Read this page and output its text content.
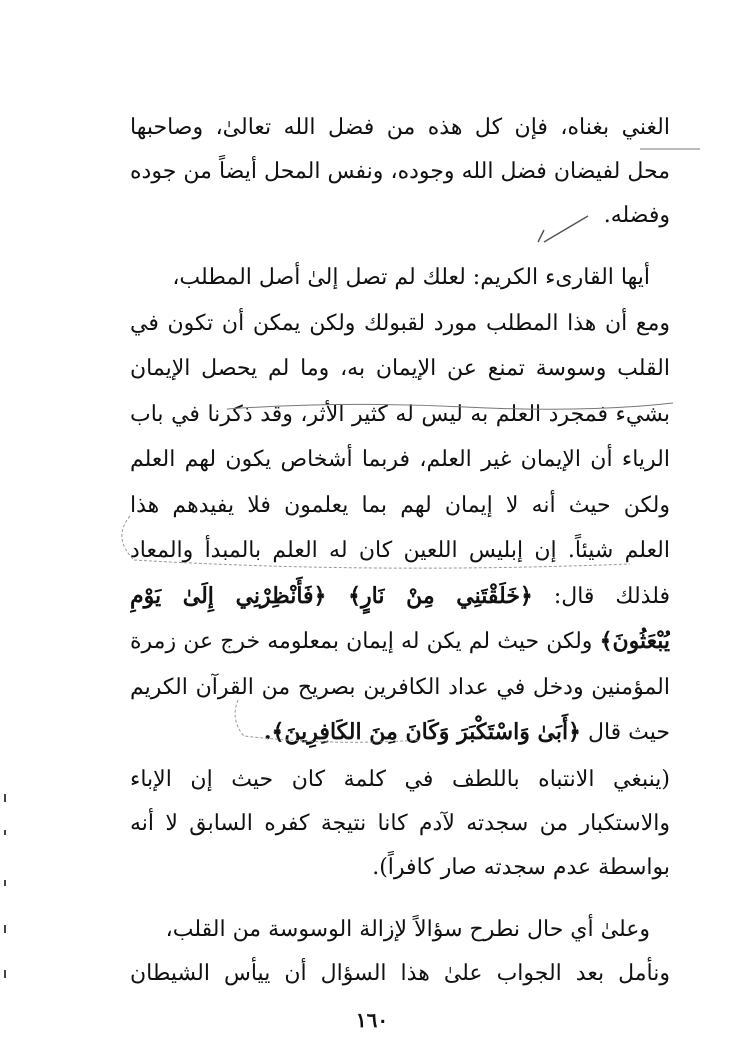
الغني بغناه، فإن كل هذه من فضل الله تعالىٰ، وصاحبها
محل لفيضان فضل الله وجوده، ونفس المحل أيضاً من جوده
وفضله.
أيها القارىء الكريم: لعلك لم تصل إلىٰ أصل المطلب،
ومع أن هذا المطلب مورد لقبولك ولكن يمكن أن تكون في
القلب وسوسة تمنع عن الإيمان به، وما لم يحصل الإيمان
بشيء فمجرد العلم به ليس له كثير الأثر، وقد ذكرنا في باب
الرياء أن الإيمان غير العلم، فربما أشخاص يكون لهم العلم
ولكن حيث أنه لا إيمان لهم بما يعلمون فلا يفيدهم هذا
العلم شيئاً. إن إبليس اللعين كان له العلم بالمبدأ والمعاد
فلذلك قال: ﴿خَلَقْتَنِي مِنْ نَارٍ﴾ ﴿فَأَنْظِرْنِي إِلَىٰ يَوْمِ
يُبْعَثُونَ﴾ ولكن حيث لم يكن له إيمان بمعلومه خرج عن زمرة
المؤمنين ودخل في عداد الكافرين بصريح من القرآن الكريم
حيث قال ﴿أَبَىٰ وَاسْتَكْبَرَ وَكَانَ مِنَ الكَافِرِينَ﴾.
(ينبغي الانتباه باللطف في كلمة كان حيث إن الإباء
والاستكبار من سجدته لآدم كانا نتيجة كفره السابق لا أنه
بواسطة عدم سجدته صار كافراً).
وعلىٰ أي حال نطرح سؤالاً لإزالة الوسوسة من القلب،
ونأمل بعد الجواب علىٰ هذا السؤال أن ييأس الشيطان
١٦٠
